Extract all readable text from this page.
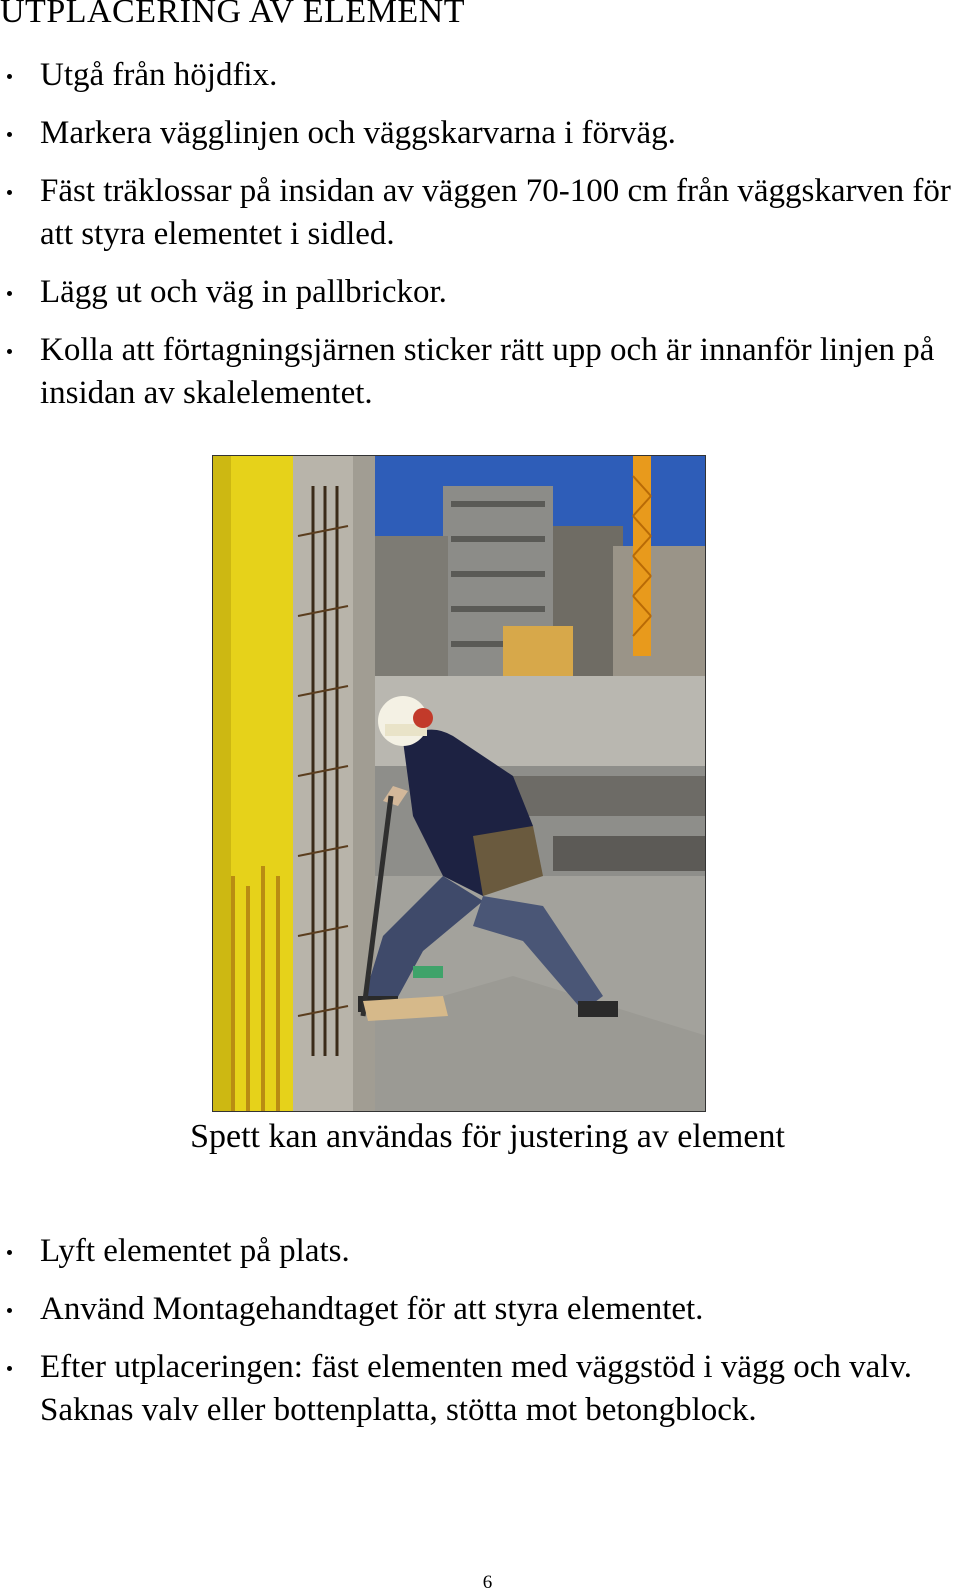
UTPLACERING AV ELEMENT
Utgå från höjdfix.
Markera vägglinjen och väggskarvarna i förväg.
Fäst träklossar på insidan av väggen 70-100 cm från väggskarven för att styra elementet i sidled.
Lägg ut och väg in pallbrickor.
Kolla att förtagningsjärnen sticker rätt upp och är innanför linjen på insidan av skalelementet.
Spett kan användas för justering av element
Lyft elementet på plats.
Använd Montagehandtaget för att styra elementet.
Efter utplaceringen: fäst elementen med väggstöd i vägg och valv. Saknas valv eller bottenplatta, stötta mot betongblock.
6
